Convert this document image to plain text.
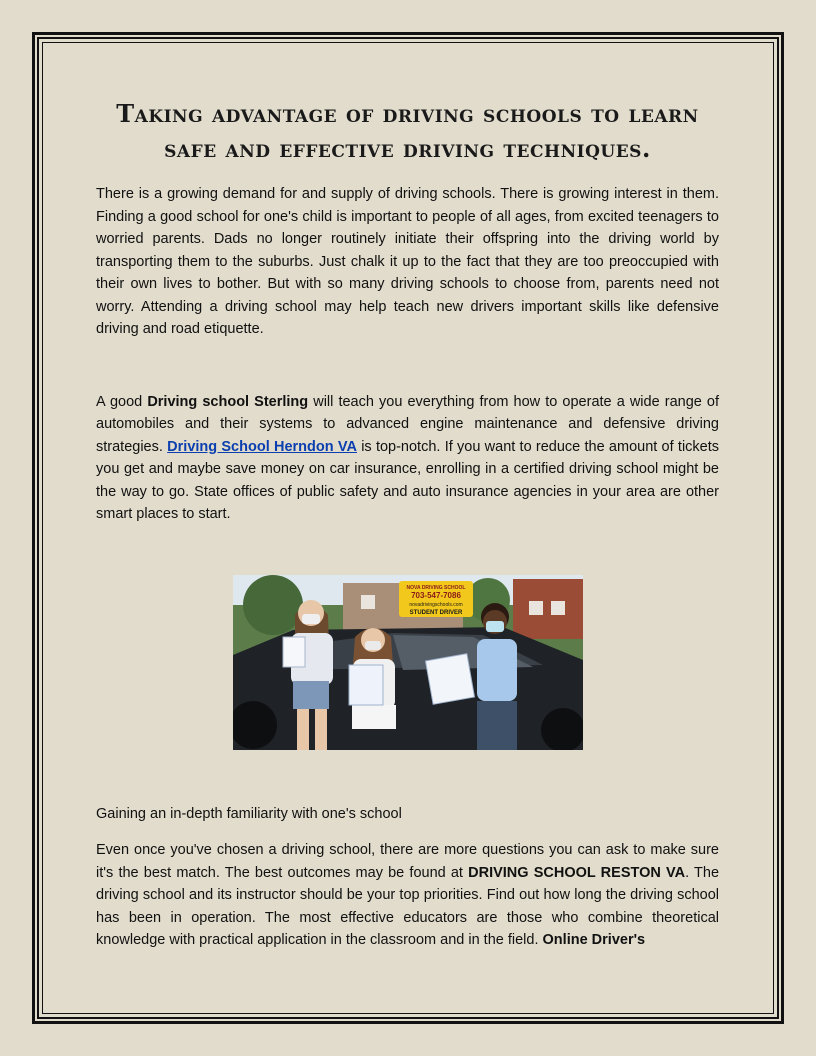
Taking advantage of driving schools to learn safe and effective driving techniques.

There is a growing demand for and supply of driving schools. There is growing interest in them. Finding a good school for one's child is important to people of all ages, from excited teenagers to worried parents. Dads no longer routinely initiate their offspring into the driving world by transporting them to the suburbs. Just chalk it up to the fact that they are too preoccupied with their own lives to bother. But with so many driving schools to choose from, parents need not worry. Attending a driving school may help teach new drivers important skills like defensive driving and road etiquette.

A good Driving school Sterling will teach you everything from how to operate a wide range of automobiles and their systems to advanced engine maintenance and defensive driving strategies. Driving School Herndon VA is top-notch. If you want to reduce the amount of tickets you get and maybe save money on car insurance, enrolling in a certified driving school might be the way to go. State offices of public safety and auto insurance agencies in your area are other smart places to start.

NOVA DRIVING SCHOOL
703-547-7086
novadrivingschools.com
STUDENT DRIVER

Gaining an in-depth familiarity with one's school

Even once you've chosen a driving school, there are more questions you can ask to make sure it's the best match. The best outcomes may be found at DRIVING SCHOOL RESTON VA. The driving school and its instructor should be your top priorities. Find out how long the driving school has been in operation. The most effective educators are those who combine theoretical knowledge with practical application in the classroom and in the field. Online Driver's
